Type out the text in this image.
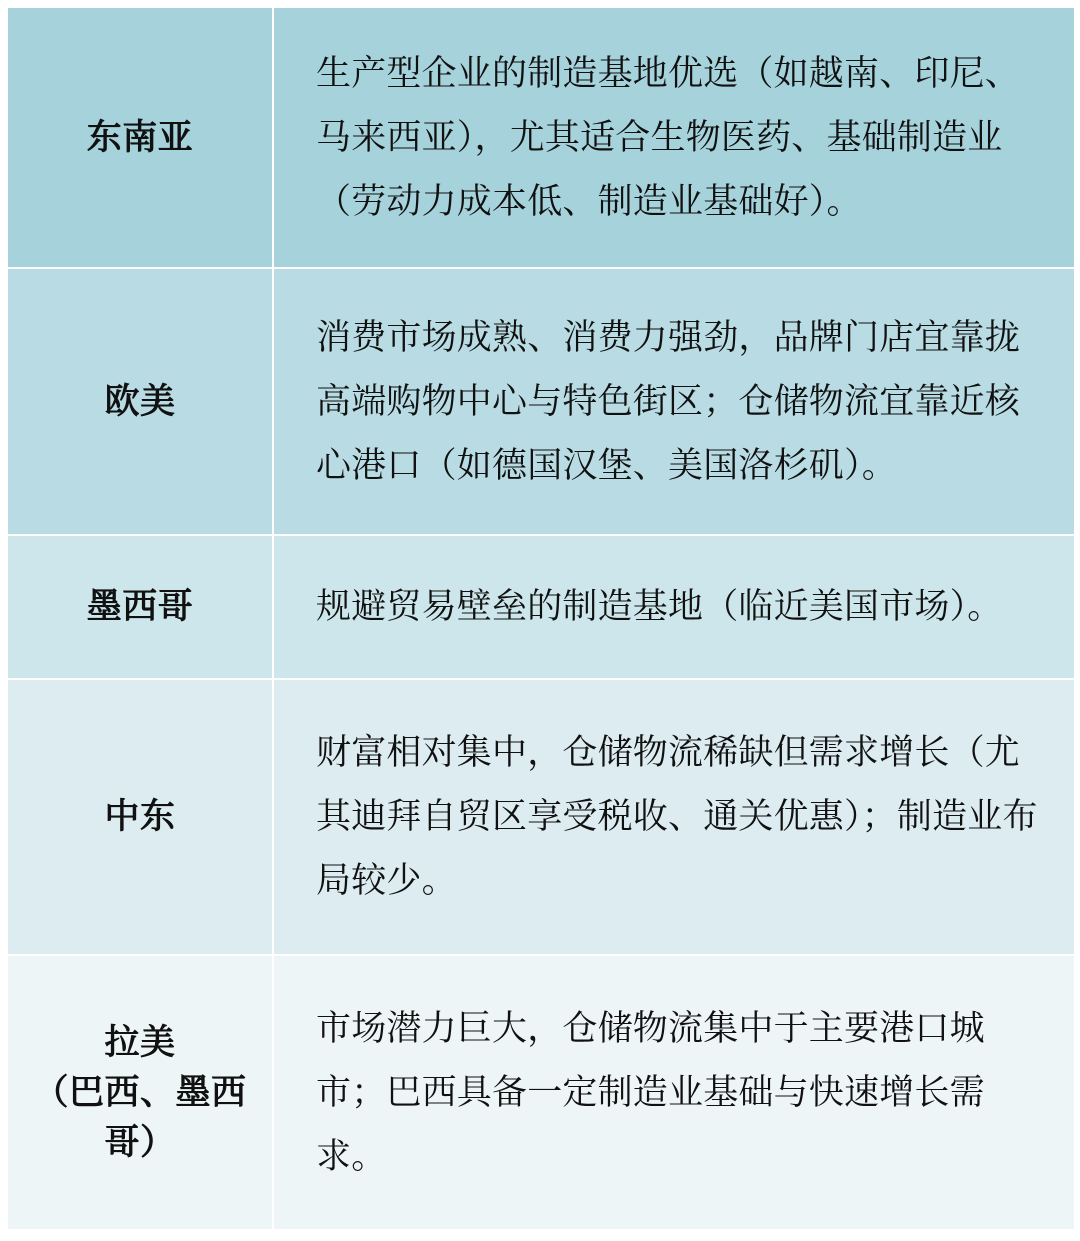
东南亚
生产型企业的制造基地优选（如越南、印尼、马来西亚），尤其适合生物医药、基础制造业（劳动力成本低、制造业基础好）。
欧美
消费市场成熟、消费力强劲，品牌门店宜靠拢高端购物中心与特色街区；仓储物流宜靠近核心港口（如德国汉堡、美国洛杉矶）。
墨西哥	规避贸易壁垒的制造基地（临近美国市场）。
中东
财富相对集中，仓储物流稀缺但需求增长（尤其迪拜自贸区享受税收、通关优惠）；制造业布局较少。
拉美
（巴西、墨西哥）
市场潜力巨大，仓储物流集中于主要港口城市；巴西具备一定制造业基础与快速增长需求。
